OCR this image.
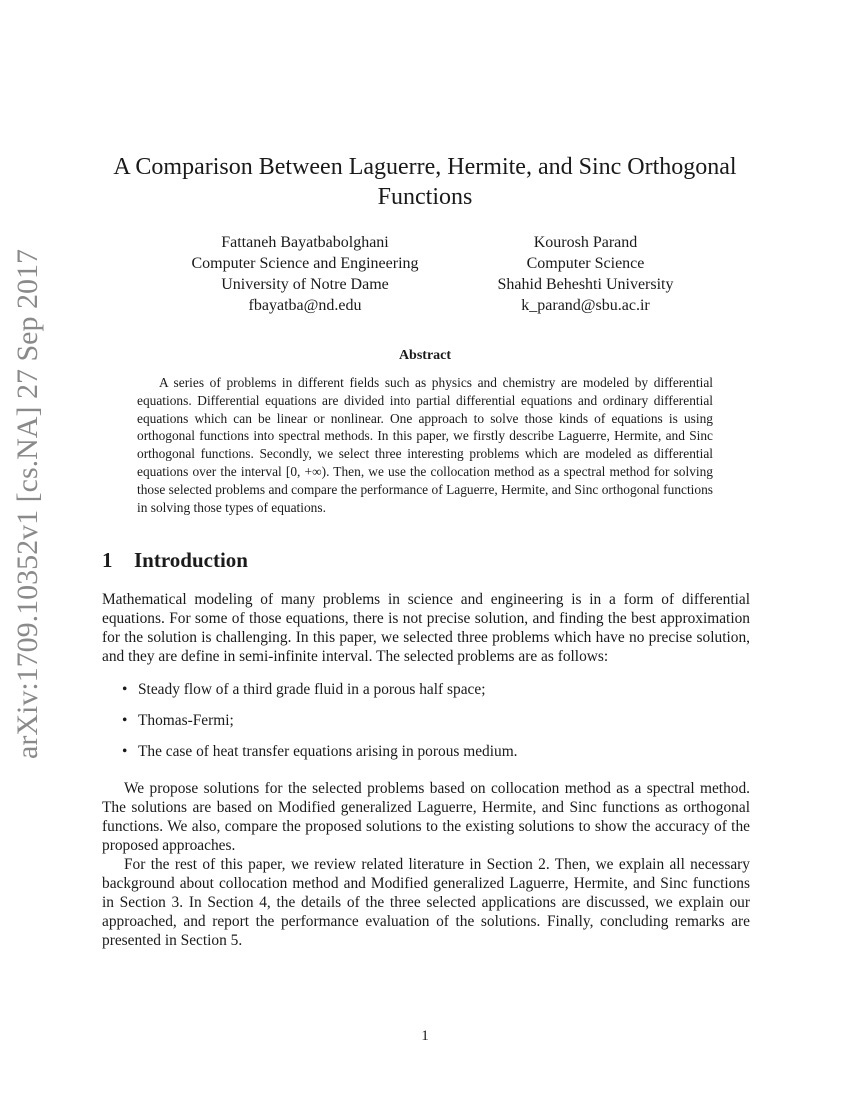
arXiv:1709.10352v1 [cs.NA] 27 Sep 2017
A Comparison Between Laguerre, Hermite, and Sinc Orthogonal Functions
Fattaneh Bayatbabolghani
Computer Science and Engineering
University of Notre Dame
fbayatba@nd.edu
Kourosh Parand
Computer Science
Shahid Beheshti University
k_parand@sbu.ac.ir
Abstract

A series of problems in different fields such as physics and chemistry are modeled by differential equations. Differential equations are divided into partial differential equations and ordinary differential equations which can be linear or nonlinear. One approach to solve those kinds of equations is using orthogonal functions into spectral methods. In this paper, we firstly describe Laguerre, Hermite, and Sinc orthogonal functions. Secondly, we select three interesting problems which are modeled as differential equations over the interval [0, +∞). Then, we use the collocation method as a spectral method for solving those selected problems and compare the performance of Laguerre, Hermite, and Sinc orthogonal functions in solving those types of equations.

1 Introduction

Mathematical modeling of many problems in science and engineering is in a form of differential equations. For some of those equations, there is not precise solution, and finding the best approximation for the solution is challenging. In this paper, we selected three problems which have no precise solution, and they are define in semi-infinite interval. The selected problems are as follows:

• Steady flow of a third grade fluid in a porous half space;
• Thomas-Fermi;
• The case of heat transfer equations arising in porous medium.

We propose solutions for the selected problems based on collocation method as a spectral method. The solutions are based on Modified generalized Laguerre, Hermite, and Sinc functions as orthogonal functions. We also, compare the proposed solutions to the existing solutions to show the accuracy of the proposed approaches.

For the rest of this paper, we review related literature in Section 2. Then, we explain all necessary background about collocation method and Modified generalized Laguerre, Hermite, and Sinc functions in Section 3. In Section 4, the details of the three selected applications are discussed, we explain our approached, and report the performance evaluation of the solutions. Finally, concluding remarks are presented in Section 5.

1
